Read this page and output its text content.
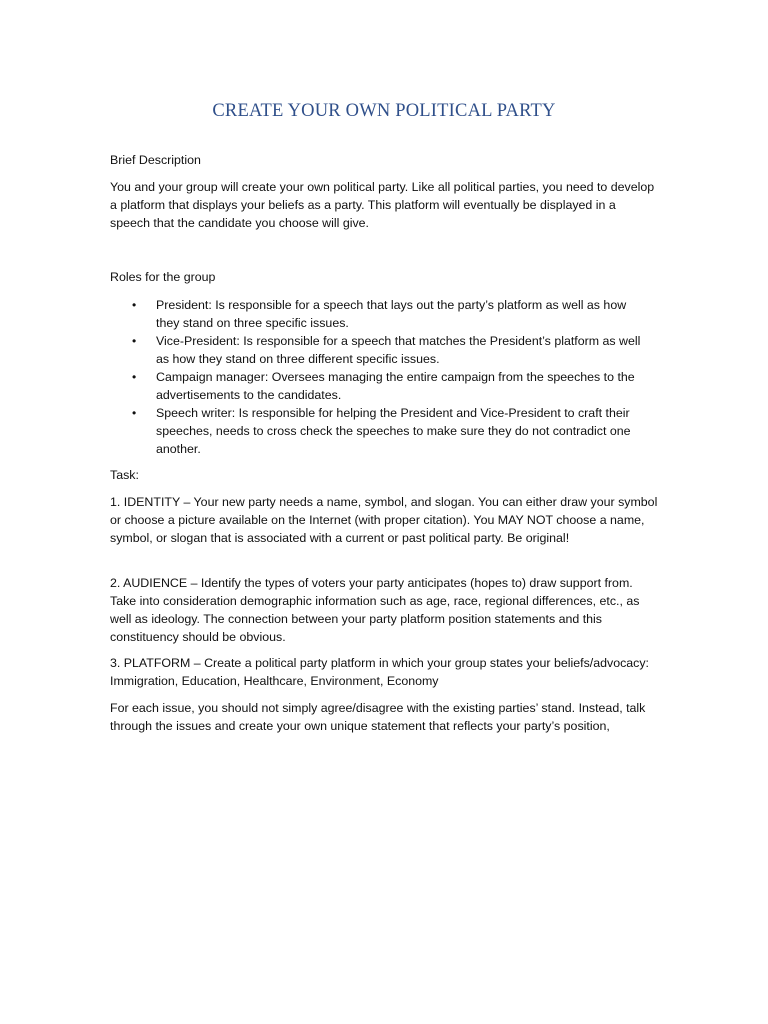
CREATE YOUR OWN POLITICAL PARTY

Brief Description

You and your group will create your own political party. Like all political parties, you need to develop a platform that displays your beliefs as a party. This platform will eventually be displayed in a speech that the candidate you choose will give.

Roles for the group

• President: Is responsible for a speech that lays out the party’s platform as well as how they stand on three specific issues.
• Vice-President: Is responsible for a speech that matches the President’s platform as well as how they stand on three different specific issues.
• Campaign manager: Oversees managing the entire campaign from the speeches to the advertisements to the candidates.
• Speech writer: Is responsible for helping the President and Vice-President to craft their speeches, needs to cross check the speeches to make sure they do not contradict one another.

Task:

1. IDENTITY – Your new party needs a name, symbol, and slogan. You can either draw your symbol or choose a picture available on the Internet (with proper citation). You MAY NOT choose a name, symbol, or slogan that is associated with a current or past political party. Be original!

2. AUDIENCE – Identify the types of voters your party anticipates (hopes to) draw support from. Take into consideration demographic information such as age, race, regional differences, etc., as well as ideology. The connection between your party platform position statements and this constituency should be obvious.

3. PLATFORM – Create a political party platform in which your group states your beliefs/advocacy: Immigration, Education, Healthcare, Environment, Economy

For each issue, you should not simply agree/disagree with the existing parties’ stand. Instead, talk through the issues and create your own unique statement that reflects your party’s position,
